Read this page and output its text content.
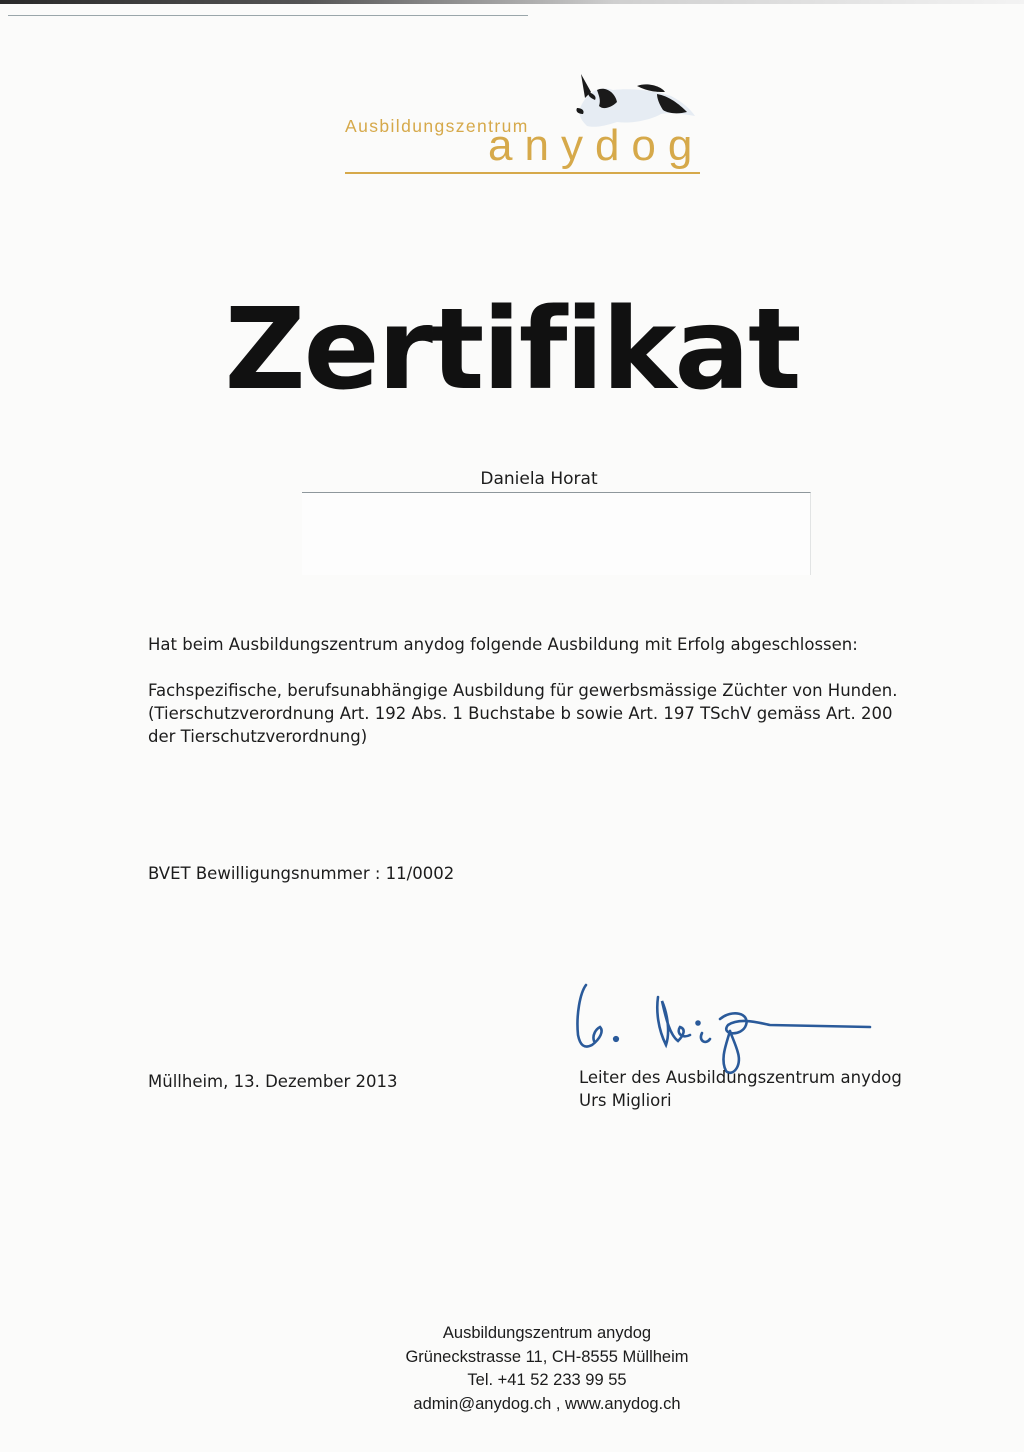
Ausbildungszentrum
anydog
Zertifikat
Daniela Horat
Hat beim Ausbildungszentrum anydog folgende Ausbildung mit Erfolg abgeschlossen:
Fachspezifische, berufsunabhängige Ausbildung für gewerbsmässige Züchter von Hunden.
(Tierschutzverordnung Art. 192 Abs. 1 Buchstabe b sowie Art. 197 TSchV gemäss Art. 200
der Tierschutzverordnung)
BVET Bewilligungsnummer : 11/0002
Müllheim, 13. Dezember 2013	Leiter des Ausbildungszentrum anydog
Urs Migliori
Ausbildungszentrum anydog
Grüneckstrasse 11, CH-8555 Müllheim
Tel. +41 52 233 99 55
admin@anydog.ch , www.anydog.ch
